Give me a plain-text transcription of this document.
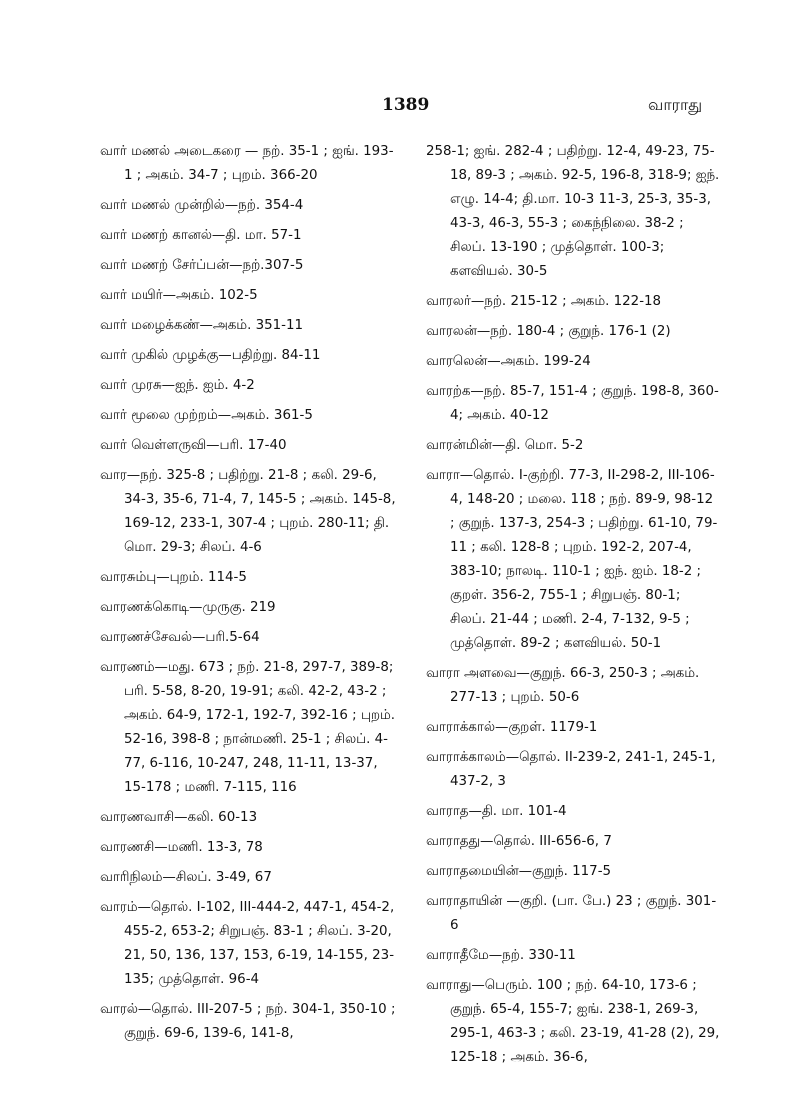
1389	வாராது

வார் மணல் அடைகரை — நற். 35-1 ; ஐங். 193-1 ; அகம். 34-7 ; புறம். 366-20

வார் மணல் முன்றில்—நற். 354-4

வார் மணற் கானல்—தி. மா. 57-1

வார் மணற் சேர்ப்பன்—நற்.307-5

வார் மயிர்—அகம். 102-5

வார் மழைக்கண்—அகம். 351-11

வார் முகில் முழக்கு—பதிற்று. 84-11

வார் முரசு—ஐந். ஐம். 4-2

வார் மூலை முற்றம்—அகம். 361-5

வார் வெள்ளருவி—பரி. 17-40

வார—நற். 325-8 ; பதிற்று. 21-8 ; கலி. 29-6, 34-3, 35-6, 71-4, 7, 145-5 ; அகம். 145-8, 169-12, 233-1, 307-4 ; புறம். 280-11; தி. மொ. 29-3; சிலப். 4-6

வாரசும்பு—புறம். 114-5

வாரணக்கொடி—முருகு. 219

வாரணச்சேவல்—பரி.5-64

வாரணம்—மது. 673 ; நற். 21-8, 297-7, 389-8; பரி. 5-58, 8-20, 19-91; கலி. 42-2, 43-2 ; அகம். 64-9, 172-1, 192-7, 392-16 ; புறம். 52-16, 398-8 ; நான்மணி. 25-1 ; சிலப். 4-77, 6-116, 10-247, 248, 11-11, 13-37, 15-178 ; மணி. 7-115, 116

வாரணவாசி—கலி. 60-13

வாரணசி—மணி. 13-3, 78

வாரிநிலம்—சிலப். 3-49, 67

வாரம்—தொல். I-102, III-444-2, 447-1, 454-2, 455-2, 653-2; சிறுபஞ். 83-1 ; சிலப். 3-20, 21, 50, 136, 137, 153, 6-19, 14-155, 23-135; முத்தொள். 96-4

வாரல்—தொல். III-207-5 ; நற். 304-1, 350-10 ; குறுந். 69-6, 139-6, 141-8,

258-1; ஐங். 282-4 ; பதிற்று. 12-4, 49-23, 75-18, 89-3 ; அகம். 92-5, 196-8, 318-9; ஐந். எழு. 14-4; தி.மா. 10-3 11-3, 25-3, 35-3, 43-3, 46-3, 55-3 ; கைந்நிலை. 38-2 ; சிலப். 13-190 ; முத்தொள். 100-3; களவியல். 30-5

வாரலர்—நற். 215-12 ; அகம். 122-18

வாரலன்—நற். 180-4 ; குறுந். 176-1 (2)

வாரலென்—அகம். 199-24

வாரற்க—நற். 85-7, 151-4 ; குறுந். 198-8, 360-4; அகம். 40-12

வாரன்மின்—தி. மொ. 5-2

வாரா—தொல். I-குற்றி. 77-3, II-298-2, III-106-4, 148-20 ; மலை. 118 ; நற். 89-9, 98-12 ; குறுந். 137-3, 254-3 ; பதிற்று. 61-10, 79-11 ; கலி. 128-8 ; புறம். 192-2, 207-4, 383-10; நாலடி. 110-1 ; ஐந். ஐம். 18-2 ; குறள். 356-2, 755-1 ; சிறுபஞ். 80-1; சிலப். 21-44 ; மணி. 2-4, 7-132, 9-5 ; முத்தொள். 89-2 ; களவியல். 50-1

வாரா அளவை—குறுந். 66-3, 250-3 ; அகம். 277-13 ; புறம். 50-6

வாராக்கால்—குறள். 1179-1

வாராக்காலம்—தொல். II-239-2, 241-1, 245-1, 437-2, 3

வாராத—தி. மா. 101-4

வாராதது—தொல். III-656-6, 7

வாராதமையின்—குறுந். 117-5

வாராதாயின் —குறி. (பா. பே.) 23 ; குறுந். 301-6

வாராதீமே—நற். 330-11

வாராது—பெரும். 100 ; நற். 64-10, 173-6 ; குறுந். 65-4, 155-7; ஐங். 238-1, 269-3, 295-1, 463-3 ; கலி. 23-19, 41-28 (2), 29, 125-18 ; அகம். 36-6,
